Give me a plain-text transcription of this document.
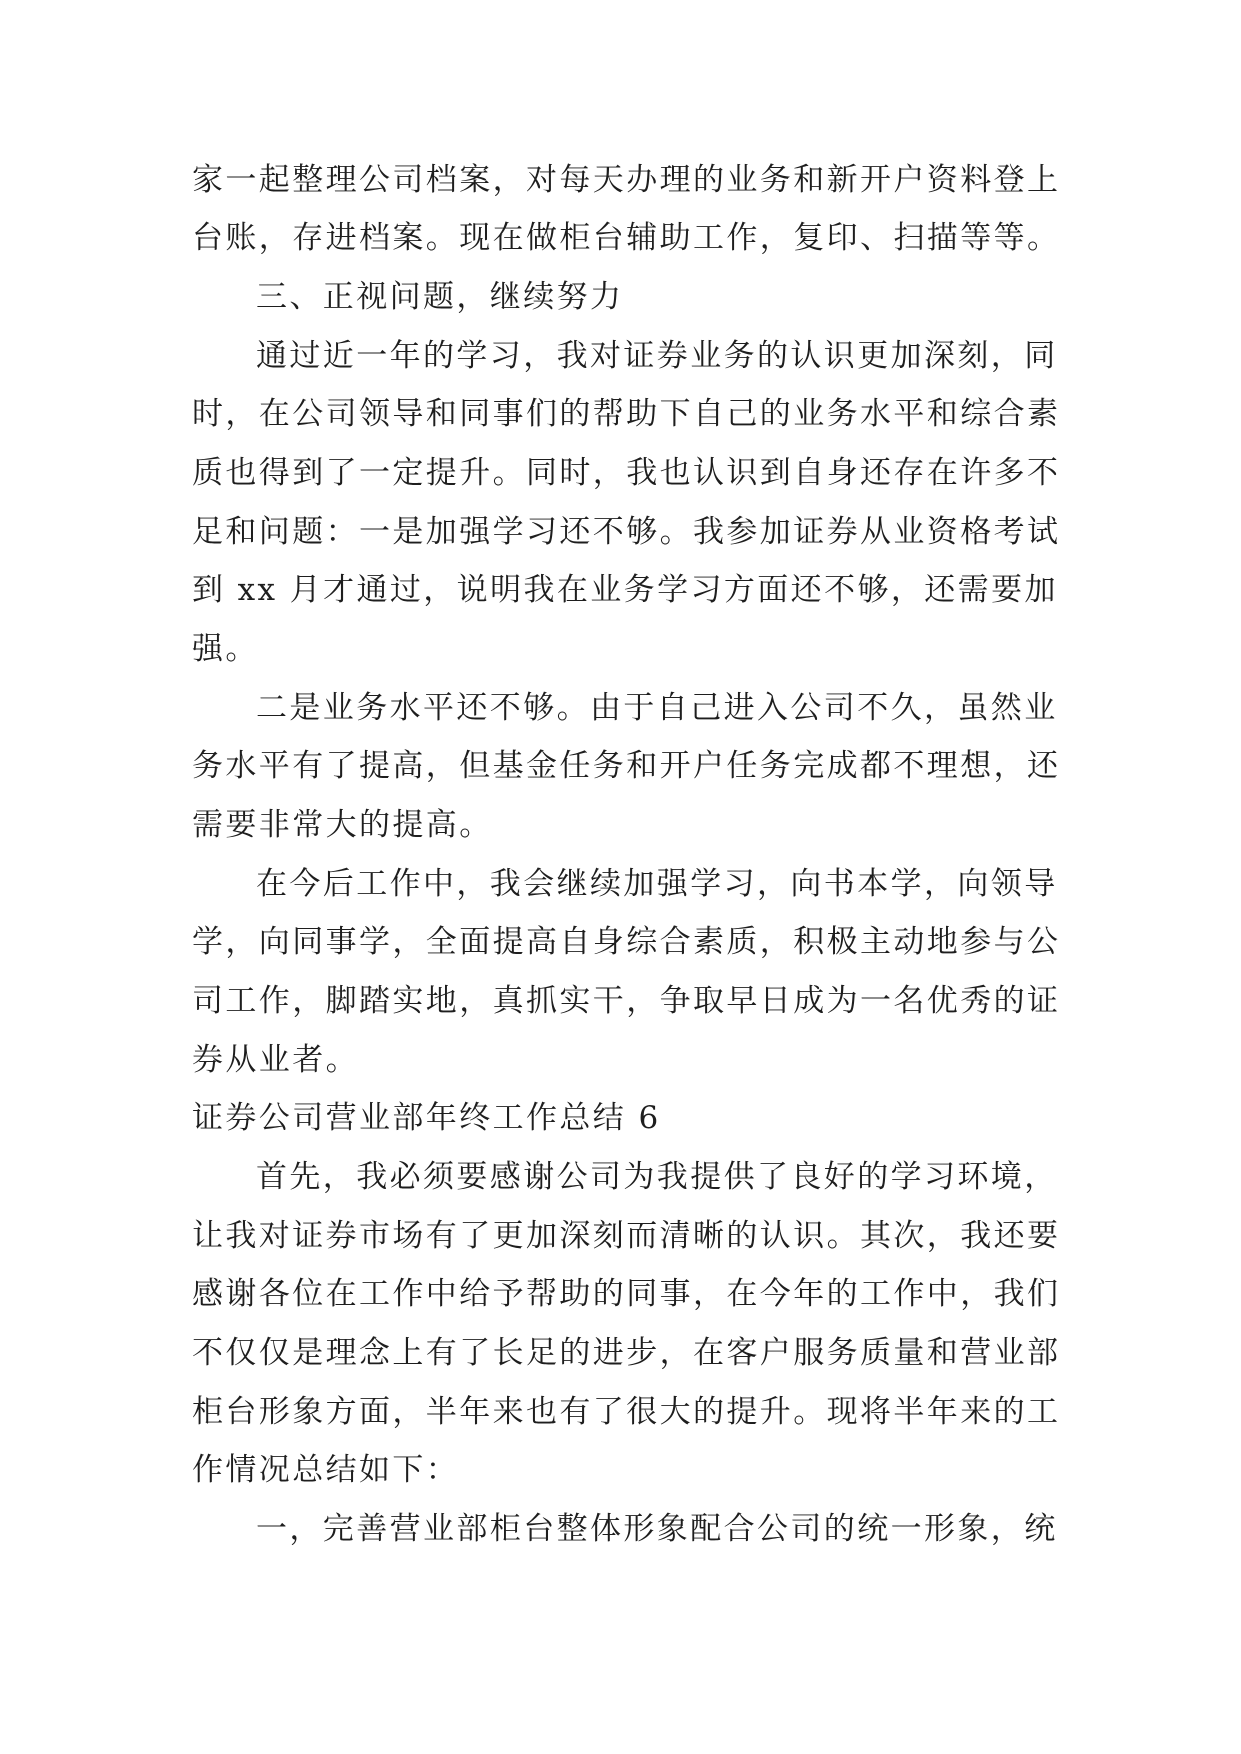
家一起整理公司档案，对每天办理的业务和新开户资料登上
台账，存进档案。现在做柜台辅助工作，复印、扫描等等。
三、正视问题，继续努力
通过近一年的学习，我对证券业务的认识更加深刻，同
时，在公司领导和同事们的帮助下自己的业务水平和综合素
质也得到了一定提升。同时，我也认识到自身还存在许多不
足和问题：一是加强学习还不够。我参加证券从业资格考试
到 xx 月才通过，说明我在业务学习方面还不够，还需要加
强。
二是业务水平还不够。由于自己进入公司不久，虽然业
务水平有了提高，但基金任务和开户任务完成都不理想，还
需要非常大的提高。
在今后工作中，我会继续加强学习，向书本学，向领导
学，向同事学，全面提高自身综合素质，积极主动地参与公
司工作，脚踏实地，真抓实干，争取早日成为一名优秀的证
券从业者。
证券公司营业部年终工作总结 6
首先，我必须要感谢公司为我提供了良好的学习环境，
让我对证券市场有了更加深刻而清晰的认识。其次，我还要
感谢各位在工作中给予帮助的同事，在今年的工作中，我们
不仅仅是理念上有了长足的进步，在客户服务质量和营业部
柜台形象方面，半年来也有了很大的提升。现将半年来的工
作情况总结如下：
一，完善营业部柜台整体形象配合公司的统一形象，统
